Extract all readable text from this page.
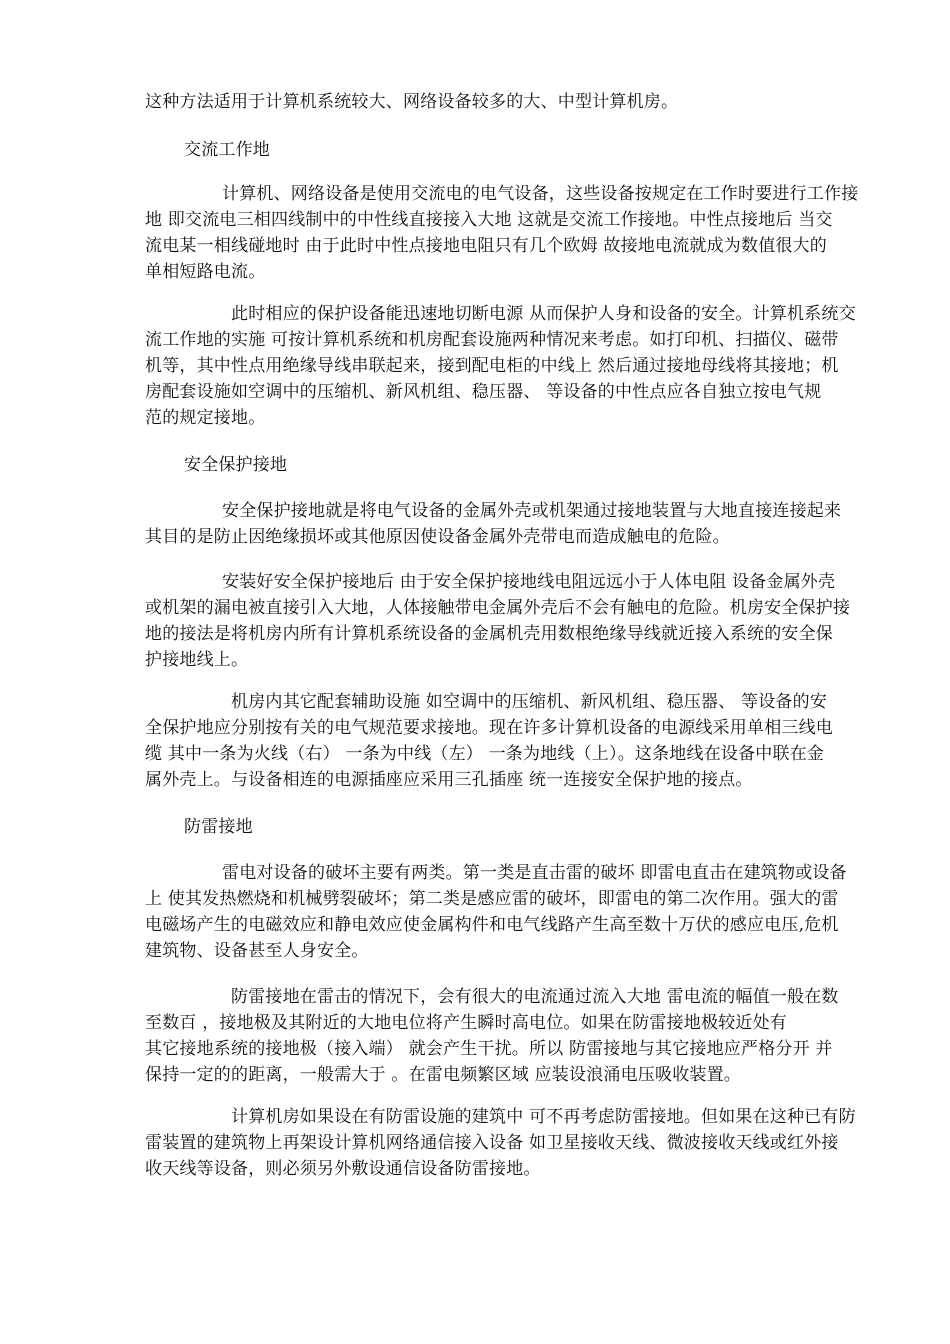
这种方法适用于计算机系统较大、网络设备较多的大、中型计算机房。
交流工作地
计算机、网络设备是使用交流电的电气设备，这些设备按规定在工作时要进行工作接
地 即交流电三相四线制中的中性线直接接入大地 这就是交流工作接地。中性点接地后 当交
流电某一相线碰地时 由于此时中性点接地电阻只有几个欧姆 故接地电流就成为数值很大的
单相短路电流。
此时相应的保护设备能迅速地切断电源 从而保护人身和设备的安全。计算机系统交
流工作地的实施 可按计算机系统和机房配套设施两种情况来考虑。如打印机、扫描仪、磁带
机等，其中性点用绝缘导线串联起来，接到配电柜的中线上 然后通过接地母线将其接地；机
房配套设施如空调中的压缩机、新风机组、稳压器、 等设备的中性点应各自独立按电气规
范的规定接地。
安全保护接地
安全保护接地就是将电气设备的金属外壳或机架通过接地装置与大地直接连接起来
其目的是防止因绝缘损坏或其他原因使设备金属外壳带电而造成触电的危险。
安装好安全保护接地后 由于安全保护接地线电阻远远小于人体电阻 设备金属外壳
或机架的漏电被直接引入大地，人体接触带电金属外壳后不会有触电的危险。机房安全保护接
地的接法是将机房内所有计算机系统设备的金属机壳用数根绝缘导线就近接入系统的安全保
护接地线上。
机房内其它配套辅助设施 如空调中的压缩机、新风机组、稳压器、 等设备的安
全保护地应分别按有关的电气规范要求接地。现在许多计算机设备的电源线采用单相三线电
缆 其中一条为火线（右） 一条为中线（左） 一条为地线（上）。这条地线在设备中联在金
属外壳上。与设备相连的电源插座应采用三孔插座 统一连接安全保护地的接点。
防雷接地
雷电对设备的破坏主要有两类。第一类是直击雷的破坏 即雷电直击在建筑物或设备
上 使其发热燃烧和机械劈裂破坏；第二类是感应雷的破坏，即雷电的第二次作用。强大的雷
电磁场产生的电磁效应和静电效应使金属构件和电气线路产生高至数十万伏的感应电压,危机
建筑物、设备甚至人身安全。
防雷接地在雷击的情况下，会有很大的电流通过流入大地 雷电流的幅值一般在数
至数百 ，接地极及其附近的大地电位将产生瞬时高电位。如果在防雷接地极较近处有
其它接地系统的接地极（接入端） 就会产生干扰。所以 防雷接地与其它接地应严格分开 并
保持一定的的距离，一般需大于 。在雷电频繁区域 应装设浪涌电压吸收装置。
计算机房如果设在有防雷设施的建筑中 可不再考虑防雷接地。但如果在这种已有防
雷装置的建筑物上再架设计算机网络通信接入设备 如卫星接收天线、微波接收天线或红外接
收天线等设备，则必须另外敷设通信设备防雷接地。
